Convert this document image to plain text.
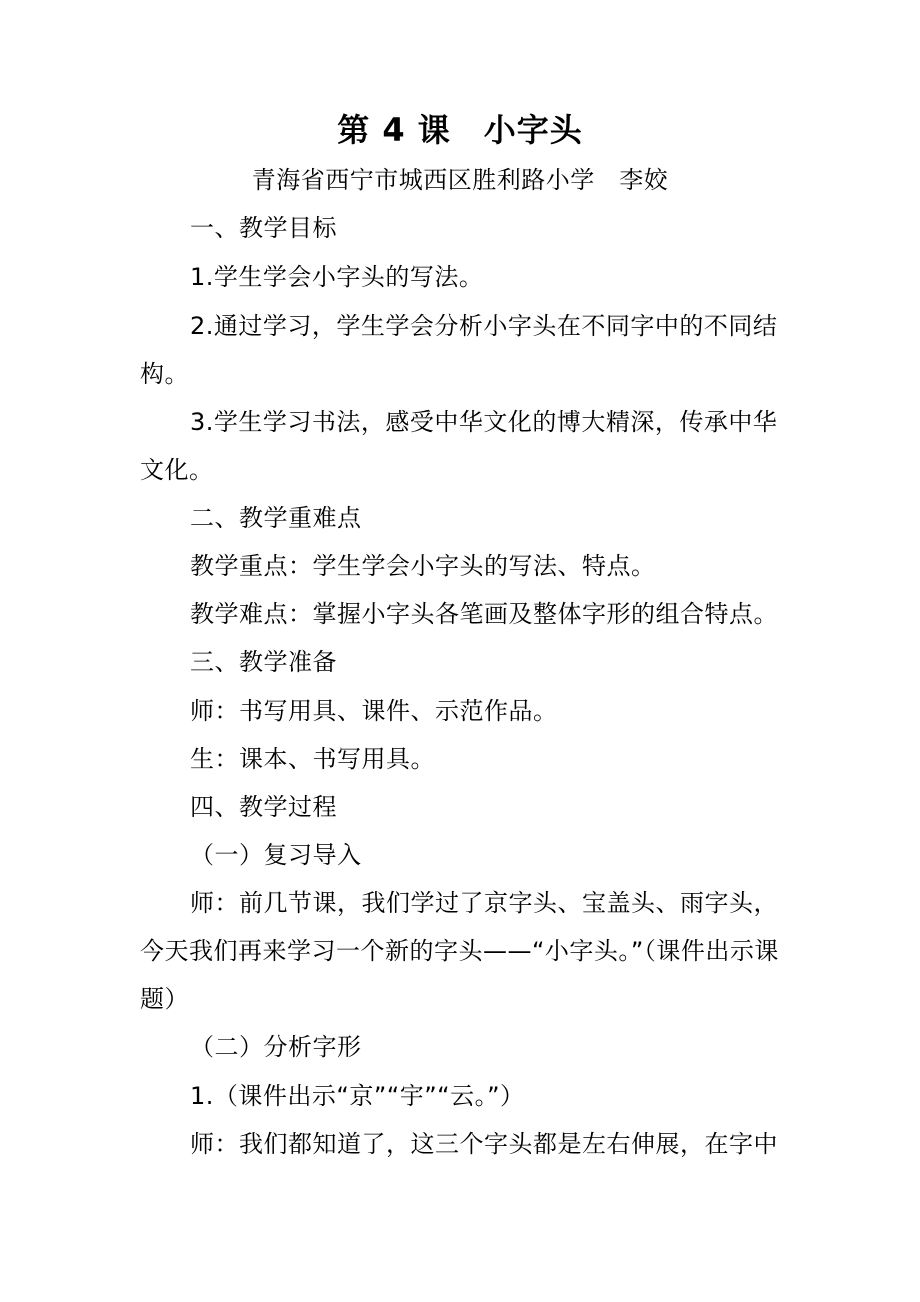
第 4 课　小字头
青海省西宁市城西区胜利路小学　李姣
一、教学目标
1.学生学会小字头的写法。
2.通过学习，学生学会分析小字头在不同字中的不同结
构。
3.学生学习书法，感受中华文化的博大精深，传承中华
文化。
二、教学重难点
教学重点：学生学会小字头的写法、特点。
教学难点：掌握小字头各笔画及整体字形的组合特点。
三、教学准备
师：书写用具、课件、示范作品。
生：课本、书写用具。
四、教学过程
（一）复习导入
师：前几节课，我们学过了京字头、宝盖头、雨字头，
今天我们再来学习一个新的字头——“小字头。”（课件出示课
题）
（二）分析字形
1.（课件出示“京”“宇”“云。”）
师：我们都知道了，这三个字头都是左右伸展，在字中
